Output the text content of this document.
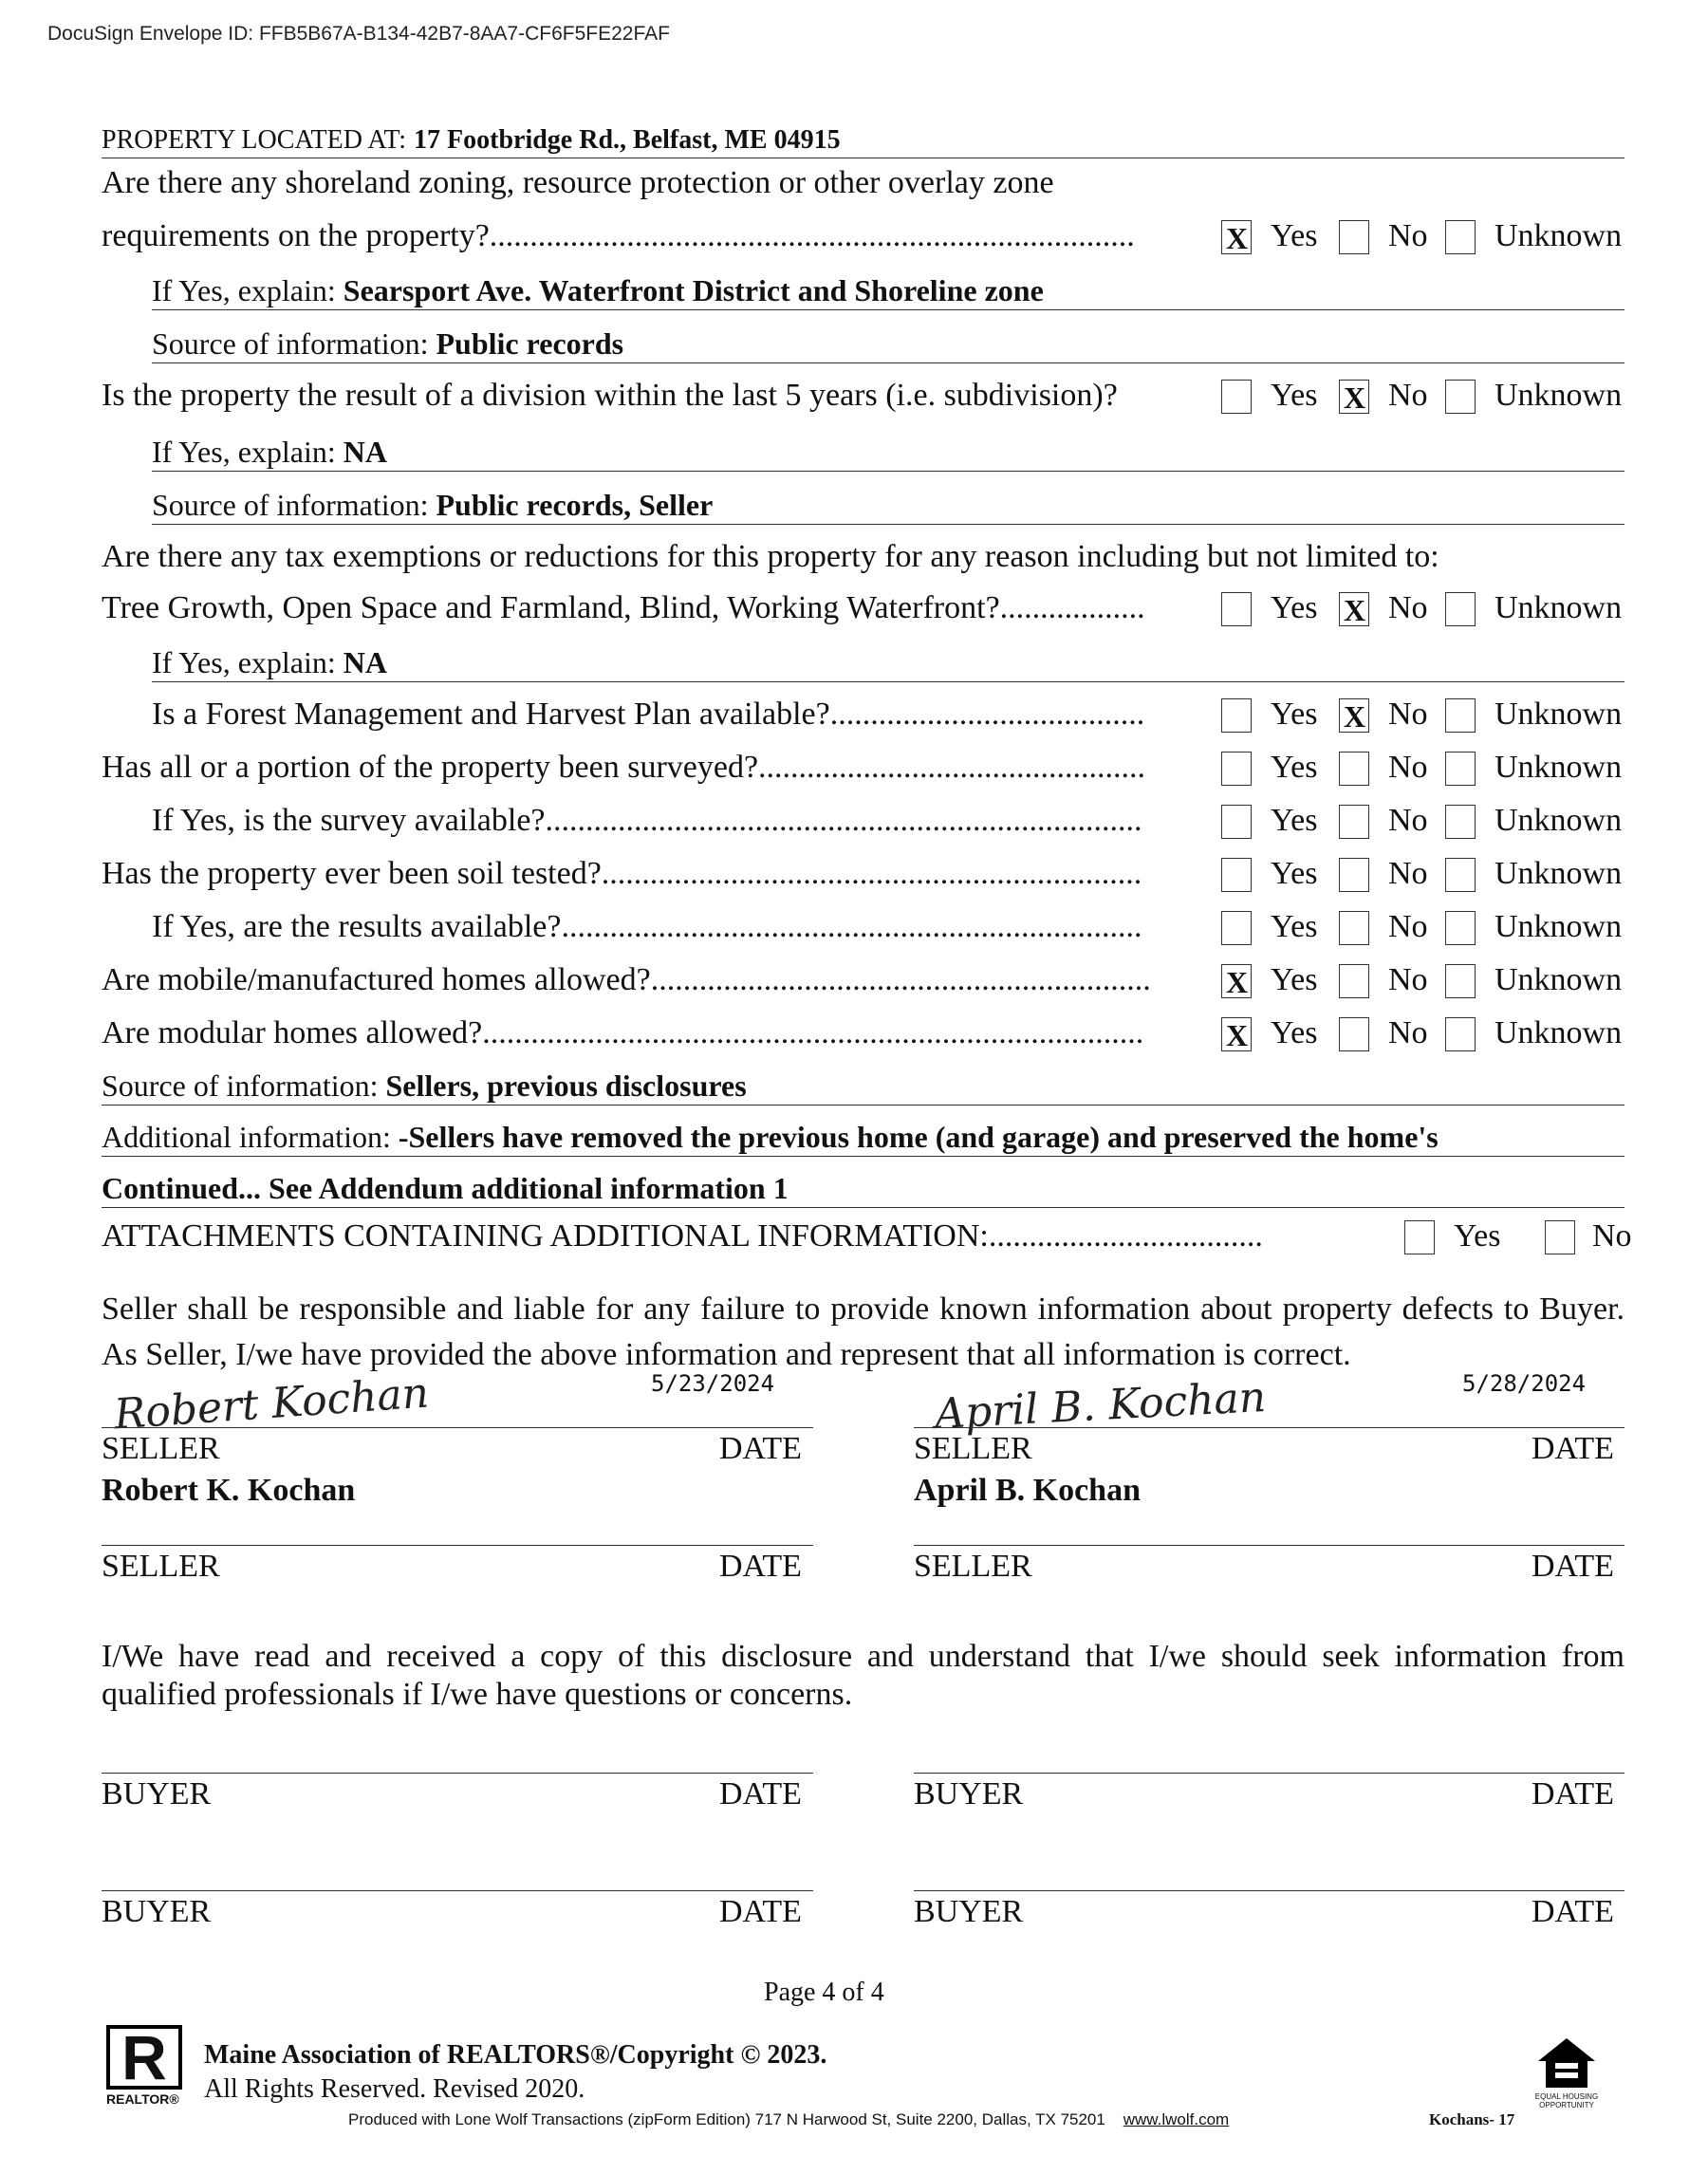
DocuSign Envelope ID: FFB5B67A-B134-42B7-8AA7-CF6F5FE22FAF
PROPERTY LOCATED AT: 17 Footbridge Rd., Belfast, ME 04915
Are there any shoreland zoning, resource protection or other overlay zone
requirements on the property?................................................................................	X Yes No Unknown
If Yes, explain: Searsport Ave. Waterfront District and Shoreline zone
Source of information: Public records
Is the property the result of a division within the last 5 years (i.e. subdivision)?	Yes X No Unknown
If Yes, explain: NA
Source of information: Public records, Seller
Are there any tax exemptions or reductions for this property for any reason including but not limited to:
Tree Growth, Open Space and Farmland, Blind, Working Waterfront?..................	Yes X No Unknown
If Yes, explain: NA
Is a Forest Management and Harvest Plan available?.......................................	Yes X No Unknown
Has all or a portion of the property been surveyed?................................................	Yes No Unknown
If Yes, is the survey available?..........................................................................	Yes No Unknown
Has the property ever been soil tested?...................................................................	Yes No Unknown
If Yes, are the results available?........................................................................	Yes No Unknown
Are mobile/manufactured homes allowed?.............................................................. X Yes No Unknown
Are modular homes allowed?..................................................................................	X Yes No Unknown
Source of information: Sellers, previous disclosures
Additional information: -Sellers have removed the previous home (and garage) and preserved the home's
Continued... See Addendum additional information 1
ATTACHMENTS CONTAINING ADDITIONAL INFORMATION:..................................	Yes	No
Seller shall be responsible and liable for any failure to provide known information about property defects to Buyer. As Seller, I/we have provided the above information and represent that all information is correct.
5/23/2024	5/28/2024
Robert Kochan	April B. Kochan
SELLER	DATE	SELLER	DATE
Robert K. Kochan	April B. Kochan
SELLER	DATE	SELLER	DATE
I/We have read and received a copy of this disclosure and understand that I/we should seek information from qualified professionals if I/we have questions or concerns.
BUYER	DATE	BUYER	DATE
BUYER	DATE	BUYER	DATE
Page 4 of 4
R
REALTOR®
Maine Association of REALTORS®/Copyright © 2023.
All Rights Reserved. Revised 2020.
Produced with Lone Wolf Transactions (zipForm Edition) 717 N Harwood St, Suite 2200, Dallas, TX 75201 www.lwolf.com	Kochans- 17
EQUAL HOUSING OPPORTUNITY
